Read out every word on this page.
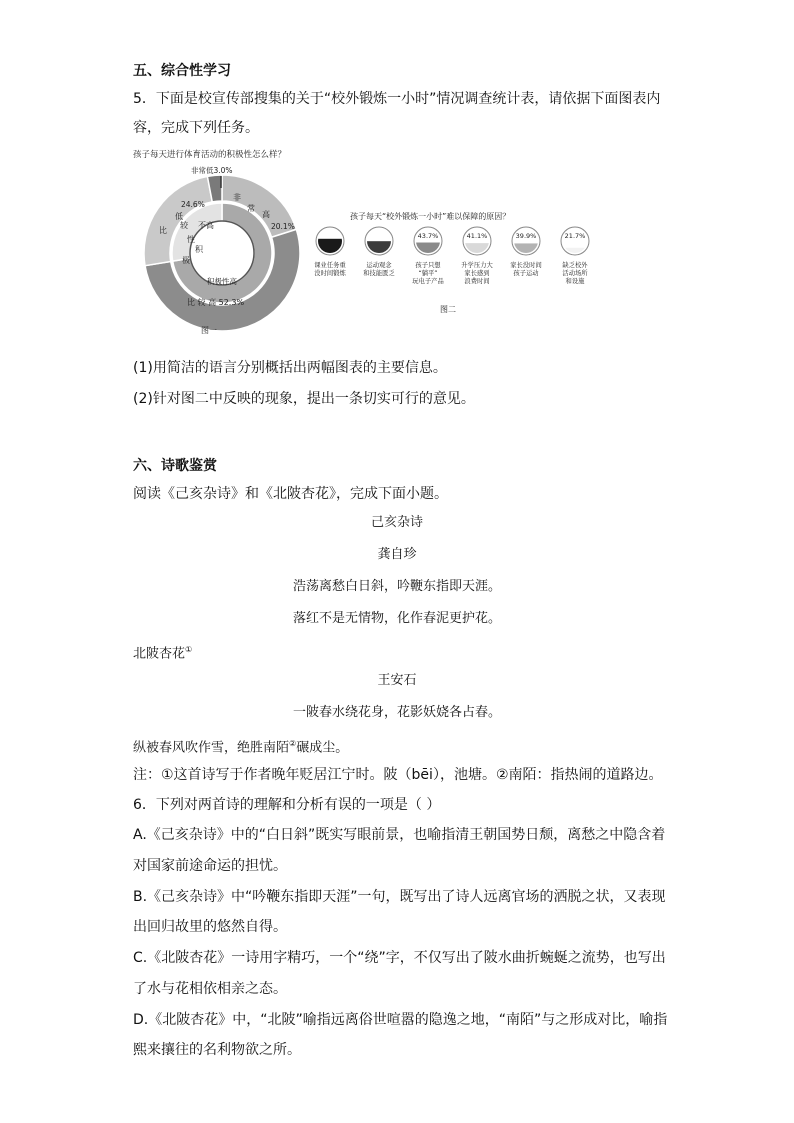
五、综合性学习
5．下面是校宣传部搜集的关于“校外锻炼一小时”情况调查统计表，请依据下面图表内
容，完成下列任务。
孩子每天进行体育活动的积极性怎么样？
非常低3.0%
24.6%
低
比
较
非
常
高
20.1%
不高
性
积
极
积极性高
比 较 高 52.3%
图一
孩子每天“校外锻炼一小时”难以保障的原因？
59.2%
课业任务重
没时间锻炼
49.2%
运动观念
和技能匮乏
43.7%
孩子只想
“躺平”
玩电子产品
41.1%
升学压力大
家长感到
浪费时间
39.9%
家长没时间
孩子运动
21.7%
缺乏校外
活动场所
和设施
图二
(1)用简洁的语言分别概括出两幅图表的主要信息。
(2)针对图二中反映的现象，提出一条切实可行的意见。
六、诗歌鉴赏
阅读《己亥杂诗》和《北陂杏花》，完成下面小题。
己亥杂诗
龚自珍
浩荡离愁白日斜，吟鞭东指即天涯。
落红不是无情物，化作春泥更护花。
北陂杏花①
王安石
一陂春水绕花身，花影妖娆各占春。
纵被春风吹作雪，绝胜南陌②碾成尘。
注：①这首诗写于作者晚年贬居江宁时。陂（bēi），池塘。②南陌：指热闹的道路边。
6．下列对两首诗的理解和分析有误的一项是（ ）
A.《己亥杂诗》中的“白日斜”既实写眼前景，也喻指清王朝国势日颓，离愁之中隐含着
对国家前途命运的担忧。
B.《己亥杂诗》中“吟鞭东指即天涯”一句，既写出了诗人远离官场的洒脱之状，又表现
出回归故里的悠然自得。
C.《北陂杏花》一诗用字精巧，一个“绕”字，不仅写出了陂水曲折蜿蜒之流势，也写出
了水与花相依相亲之态。
D.《北陂杏花》中，“北陂”喻指远离俗世喧嚣的隐逸之地，“南陌”与之形成对比，喻指
熙来攘往的名利物欲之所。
